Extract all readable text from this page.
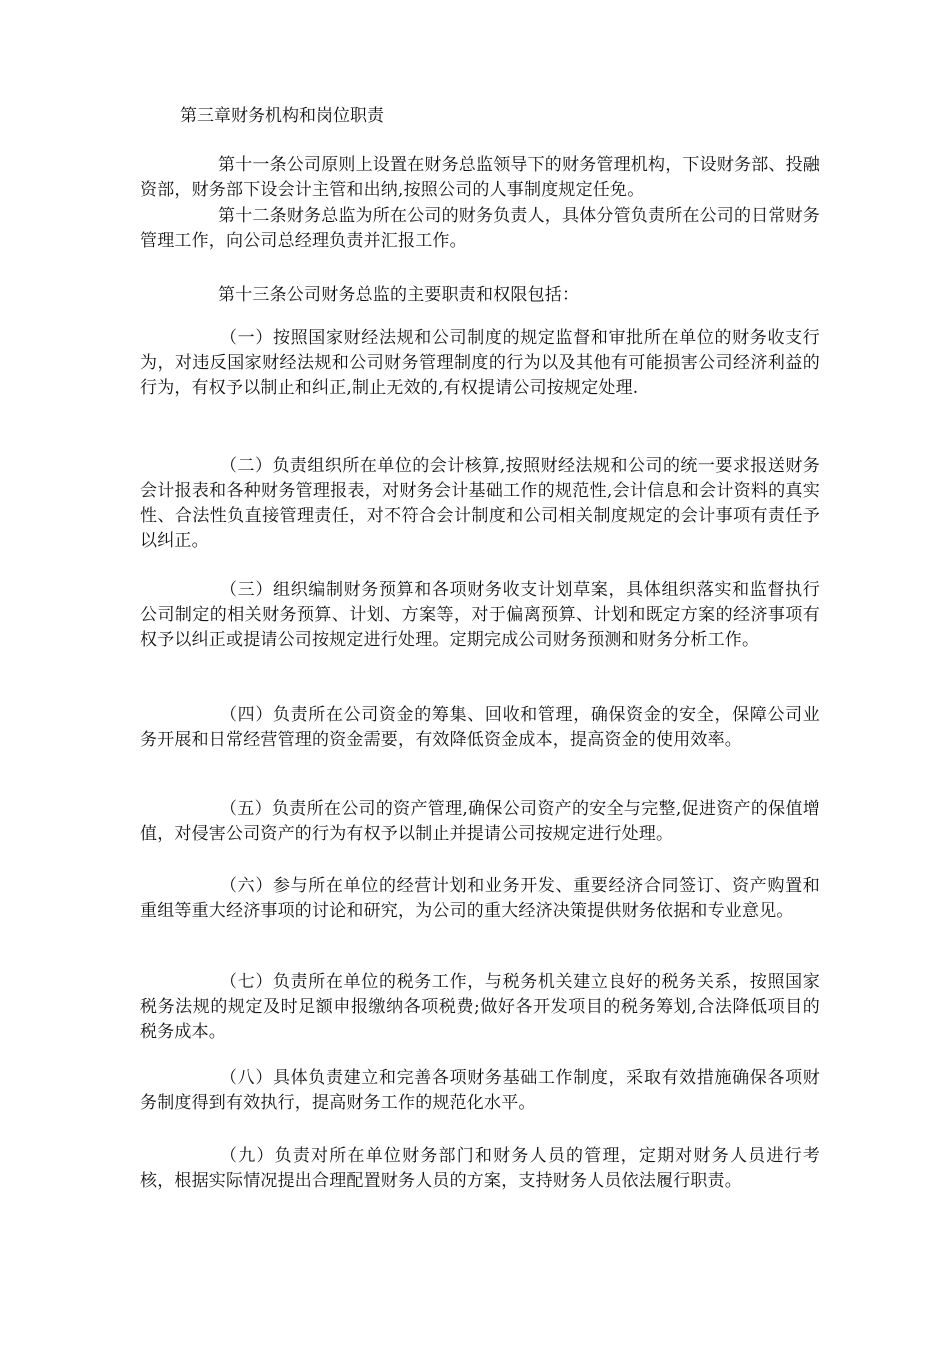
第三章财务机构和岗位职责

第十一条公司原则上设置在财务总监领导下的财务管理机构，下设财务部、投融资部，财务部下设会计主管和出纳,按照公司的人事制度规定任免。

第十二条财务总监为所在公司的财务负责人，具体分管负责所在公司的日常财务管理工作，向公司总经理负责并汇报工作。

第十三条公司财务总监的主要职责和权限包括：

（一）按照国家财经法规和公司制度的规定监督和审批所在单位的财务收支行为，对违反国家财经法规和公司财务管理制度的行为以及其他有可能损害公司经济利益的行为，有权予以制止和纠正,制止无效的,有权提请公司按规定处理.

（二）负责组织所在单位的会计核算,按照财经法规和公司的统一要求报送财务会计报表和各种财务管理报表，对财务会计基础工作的规范性,会计信息和会计资料的真实性、合法性负直接管理责任，对不符合会计制度和公司相关制度规定的会计事项有责任予以纠正。

（三）组织编制财务预算和各项财务收支计划草案，具体组织落实和监督执行公司制定的相关财务预算、计划、方案等，对于偏离预算、计划和既定方案的经济事项有权予以纠正或提请公司按规定进行处理。定期完成公司财务预测和财务分析工作。

（四）负责所在公司资金的筹集、回收和管理，确保资金的安全，保障公司业务开展和日常经营管理的资金需要，有效降低资金成本，提高资金的使用效率。

（五）负责所在公司的资产管理,确保公司资产的安全与完整,促进资产的保值增值，对侵害公司资产的行为有权予以制止并提请公司按规定进行处理。

（六）参与所在单位的经营计划和业务开发、重要经济合同签订、资产购置和重组等重大经济事项的讨论和研究，为公司的重大经济决策提供财务依据和专业意见。

（七）负责所在单位的税务工作，与税务机关建立良好的税务关系，按照国家税务法规的规定及时足额申报缴纳各项税费;做好各开发项目的税务筹划,合法降低项目的税务成本。

（八）具体负责建立和完善各项财务基础工作制度，采取有效措施确保各项财务制度得到有效执行，提高财务工作的规范化水平。

（九）负责对所在单位财务部门和财务人员的管理，定期对财务人员进行考核，根据实际情况提出合理配置财务人员的方案，支持财务人员依法履行职责。
